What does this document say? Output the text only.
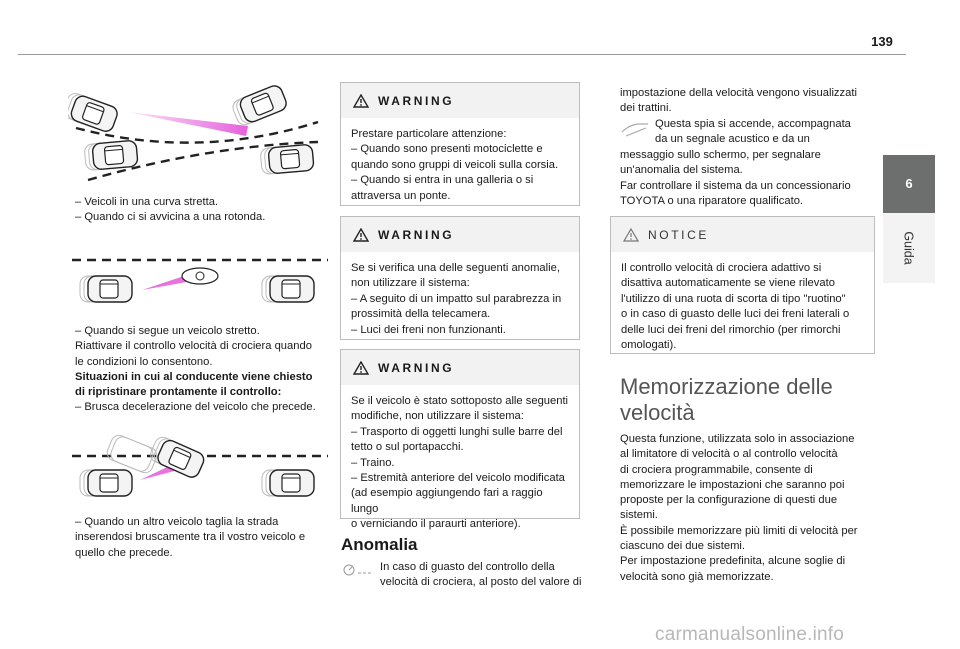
139
6
Guida

– Veicoli in una curva stretta.

– Quando ci si avvicina a una rotonda.

– Quando si segue un veicolo stretto.

Riattivare il controllo velocità di crociera quando

le condizioni lo consentono.

Situazioni in cui al conducente viene chiesto

di ripristinare prontamente il controllo:

– Brusca decelerazione del veicolo che precede.

– Quando un altro veicolo taglia la strada

inserendosi bruscamente tra il vostro veicolo e

quello che precede.

WARNING

Prestare particolare attenzione:

– Quando sono presenti motociclette e

quando sono gruppi di veicoli sulla corsia.

– Quando si entra in una galleria o si

attraversa un ponte.

WARNING

Se si verifica una delle seguenti anomalie,

non utilizzare il sistema:

– A seguito di un impatto sul parabrezza in

prossimità della telecamera.

– Luci dei freni non funzionanti.

WARNING

Se il veicolo è stato sottoposto alle seguenti

modifiche, non utilizzare il sistema:

– Trasporto di oggetti lunghi sulle barre del

tetto o sul portapacchi.

– Traino.

– Estremità anteriore del veicolo modificata

(ad esempio aggiungendo fari a raggio lungo

o verniciando il paraurti anteriore).

Anomalia

In caso di guasto del controllo della

velocità di crociera, al posto del valore di

impostazione della velocità vengono visualizzati

dei trattini.

Questa spia si accende, accompagnata

da un segnale acustico e da un

messaggio sullo schermo, per segnalare

un'anomalia del sistema.

Far controllare il sistema da un concessionario

TOYOTA o una riparatore qualificato.

NOTICE

Il controllo velocità di crociera adattivo si

disattiva automaticamente se viene rilevato

l'utilizzo di una ruota di scorta di tipo "ruotino"

o in caso di guasto delle luci dei freni laterali o

delle luci dei freni del rimorchio (per rimorchi

omologati).

Memorizzazione delle
velocità

Questa funzione, utilizzata solo in associazione

al limitatore di velocità o al controllo velocità

di crociera programmabile, consente di

memorizzare le impostazioni che saranno poi

proposte per la configurazione di questi due

sistemi.

È possibile memorizzare più limiti di velocità per

ciascuno dei due sistemi.

Per impostazione predefinita, alcune soglie di

velocità sono già memorizzate.

carmanualsonline.info
